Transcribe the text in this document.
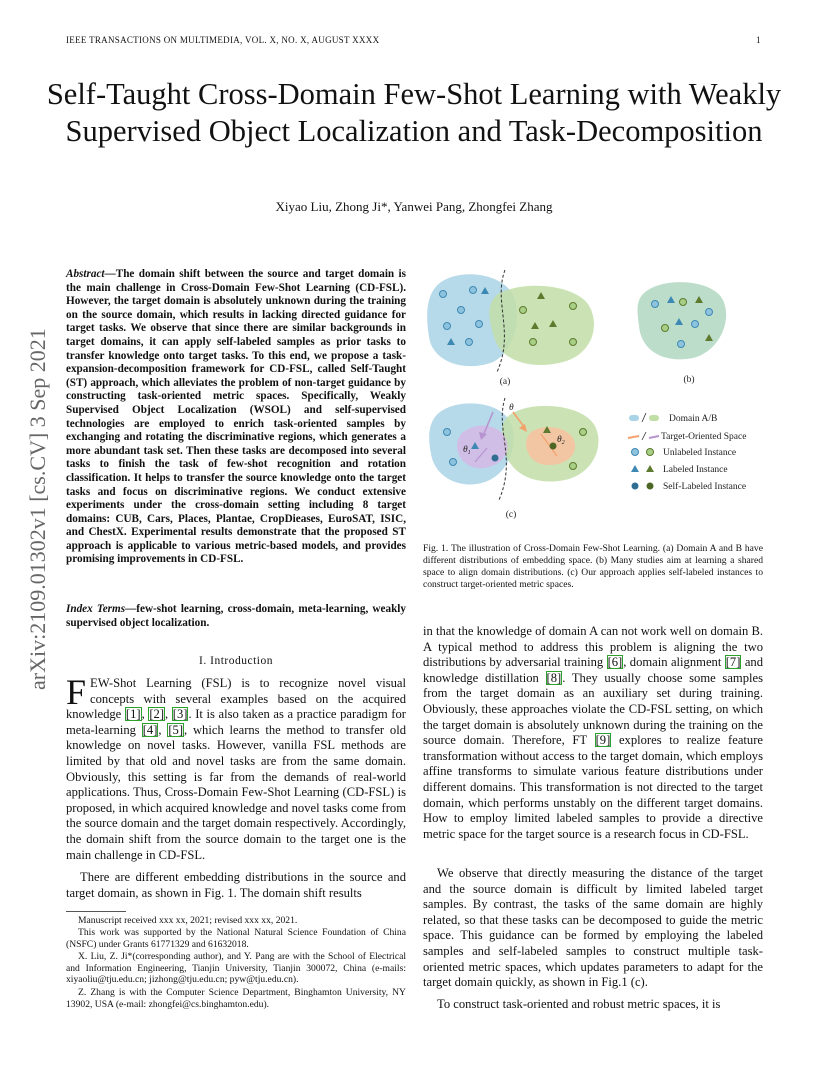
IEEE TRANSACTIONS ON MULTIMEDIA, VOL. X, NO. X, AUGUST XXXX	1
arXiv:2109.01302v1 [cs.CV] 3 Sep 2021
Self-Taught Cross-Domain Few-Shot Learning with Weakly Supervised Object Localization and Task-Decomposition
Xiyao Liu, Zhong Ji*, Yanwei Pang, Zhongfei Zhang
Abstract—The domain shift between the source and target domain is the main challenge in Cross-Domain Few-Shot Learning (CD-FSL). However, the target domain is absolutely unknown during the training on the source domain, which results in lacking directed guidance for target tasks. We observe that since there are similar backgrounds in target domains, it can apply self-labeled samples as prior tasks to transfer knowledge onto target tasks. To this end, we propose a task-expansion-decomposition framework for CD-FSL, called Self-Taught (ST) approach, which alleviates the problem of non-target guidance by constructing task-oriented metric spaces. Specifically, Weakly Supervised Object Localization (WSOL) and self-supervised technologies are employed to enrich task-oriented samples by exchanging and rotating the discriminative regions, which generates a more abundant task set. Then these tasks are decomposed into several tasks to finish the task of few-shot recognition and rotation classification. It helps to transfer the source knowledge onto the target tasks and focus on discriminative regions. We conduct extensive experiments under the cross-domain setting including 8 target domains: CUB, Cars, Places, Plantae, CropDieases, EuroSAT, ISIC, and ChestX. Experimental results demonstrate that the proposed ST approach is applicable to various metric-based models, and provides promising improvements in CD-FSL.
Index Terms—few-shot learning, cross-domain, meta-learning, weakly supervised object localization.
I. Introduction
FEW-Shot Learning (FSL) is to recognize novel visual concepts with several examples based on the acquired knowledge [1], [2], [3]. It is also taken as a practice paradigm for meta-learning [4], [5], which learns the method to transfer old knowledge on novel tasks. However, vanilla FSL methods are limited by that old and novel tasks are from the same domain. Obviously, this setting is far from the demands of real-world applications. Thus, Cross-Domain Few-Shot Learning (CD-FSL) is proposed, in which acquired knowledge and novel tasks come from the source domain and the target domain respectively. Accordingly, the domain shift from the source domain to the target one is the main challenge in CD-FSL.
There are different embedding distributions in the source and target domain, as shown in Fig. 1. The domain shift results
Manuscript received xxx xx, 2021; revised xxx xx, 2021.
This work was supported by the National Natural Science Foundation of China (NSFC) under Grants 61771329 and 61632018.
X. Liu, Z. Ji*(corresponding author), and Y. Pang are with the School of Electrical and Information Engineering, Tianjin University, Tianjin 300072, China (e-mails: xiyaoliu@tju.edu.cn; jizhong@tju.edu.cn; pyw@tju.edu.cn).
Z. Zhang is with the Computer Science Department, Binghamton University, NY 13902, USA (e-mail: zhongfei@cs.binghamton.edu).
(a)	(b)
θ
$\theta_1$
$\theta_2$
(c)
Domain A/B
Target-Oriented Space
Unlabeled Instance
Labeled Instance
Self-Labeled Instance
Fig. 1. The illustration of Cross-Domain Few-Shot Learning. (a) Domain A and B have different distributions of embedding space. (b) Many studies aim at learning a shared space to align domain distributions. (c) Our approach applies self-labeled instances to construct target-oriented metric spaces.
in that the knowledge of domain A can not work well on domain B. A typical method to address this problem is aligning the two distributions by adversarial training [6], domain alignment [7] and knowledge distillation [8]. They usually choose some samples from the target domain as an auxiliary set during training. Obviously, these approaches violate the CD-FSL setting, on which the target domain is absolutely unknown during the training on the source domain. Therefore, FT [9] explores to realize feature transformation without access to the target domain, which employs affine transforms to simulate various feature distributions under different domains. This transformation is not directed to the target domain, which performs unstably on the different target domains. How to employ limited labeled samples to provide a directive metric space for the target source is a research focus in CD-FSL.
We observe that directly measuring the distance of the target and the source domain is difficult by limited labeled target samples. By contrast, the tasks of the same domain are highly related, so that these tasks can be decomposed to guide the metric space. This guidance can be formed by employing the labeled samples and self-labeled samples to construct multiple task-oriented metric spaces, which updates parameters to adapt for the target domain quickly, as shown in Fig.1 (c).
To construct task-oriented and robust metric spaces, it is
